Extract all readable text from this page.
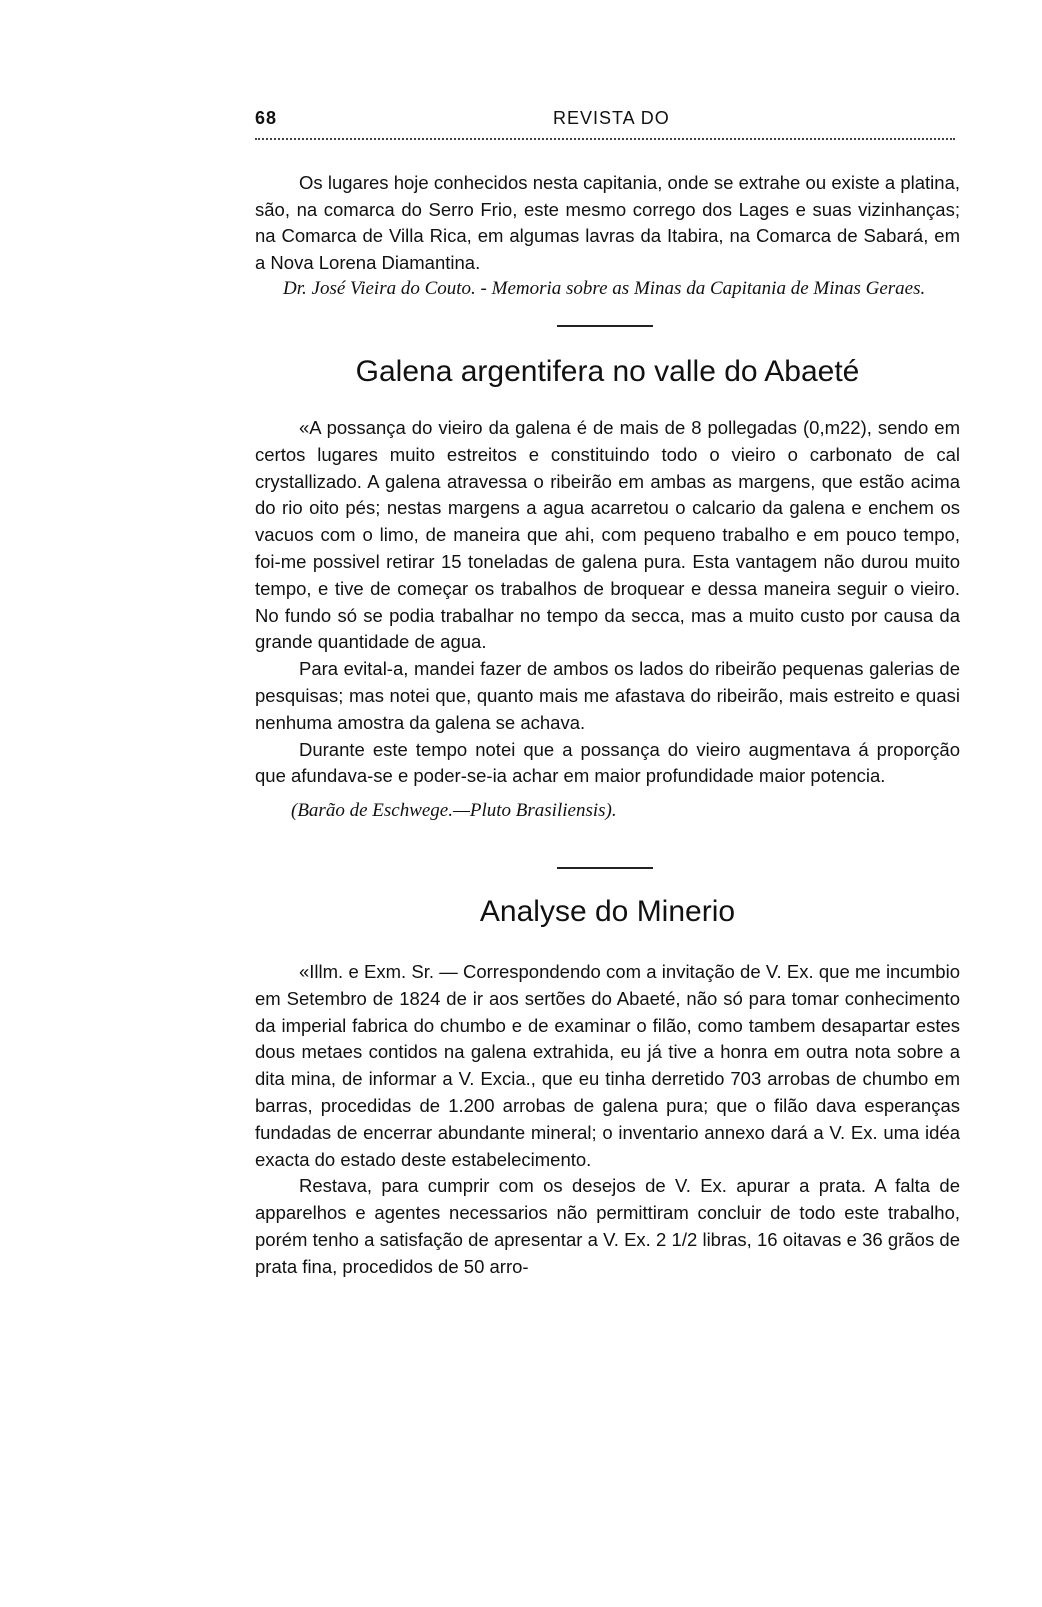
68	REVISTA DO

Os lugares hoje conhecidos nesta capitania, onde se extrahe ou existe a platina, são, na comarca do Serro Frio, este mesmo corrego dos Lages e suas vizinhanças; na Comarca de Villa Rica, em algumas lavras da Itabira, na Comarca de Sabará, em a Nova Lorena Diamantina.

Dr. José Vieira do Couto. - Memoria sobre as Minas da Capitania de Minas Geraes.

Galena argentifera no valle do Abaeté

«A possança do vieiro da galena é de mais de 8 pollegadas (0,m22), sendo em certos lugares muito estreitos e constituindo todo o vieiro o carbonato de cal crystallizado. A galena atravessa o ribeirão em ambas as margens, que estão acima do rio oito pés; nestas margens a agua acarretou o calcario da galena e enchem os vacuos com o limo, de maneira que ahi, com pequeno trabalho e em pouco tempo, foi-me possivel retirar 15 toneladas de galena pura. Esta vantagem não durou muito tempo, e tive de começar os trabalhos de broquear e dessa maneira seguir o vieiro. No fundo só se podia trabalhar no tempo da secca, mas a muito custo por causa da grande quantidade de agua.

Para evital-a, mandei fazer de ambos os lados do ribeirão pequenas galerias de pesquisas; mas notei que, quanto mais me afastava do ribeirão, mais estreito e quasi nenhuma amostra da galena se achava.

Durante este tempo notei que a possança do vieiro augmentava á proporção que afundava-se e poder-se-ia achar em maior profundidade maior potencia.

(Barão de Eschwege.—Pluto Brasiliensis).

Analyse do Minerio

«Illm. e Exm. Sr. — Correspondendo com a invitação de V. Ex. que me incumbio em Setembro de 1824 de ir aos sertões do Abaeté, não só para tomar conhecimento da imperial fabrica do chumbo e de examinar o filão, como tambem desapartar estes dous metaes contidos na galena extrahida, eu já tive a honra em outra nota sobre a dita mina, de informar a V. Excia., que eu tinha derretido 703 arrobas de chumbo em barras, procedidas de 1.200 arrobas de galena pura; que o filão dava esperanças fundadas de encerrar abundante mineral; o inventario annexo dará a V. Ex. uma idéa exacta do estado deste estabelecimento.

Restava, para cumprir com os desejos de V. Ex. apurar a prata. A falta de apparelhos e agentes necessarios não permittiram concluir de todo este trabalho, porém tenho a satisfação de apresentar a V. Ex. 2 1/2 libras, 16 oitavas e 36 grãos de prata fina, procedidos de 50 arro-
